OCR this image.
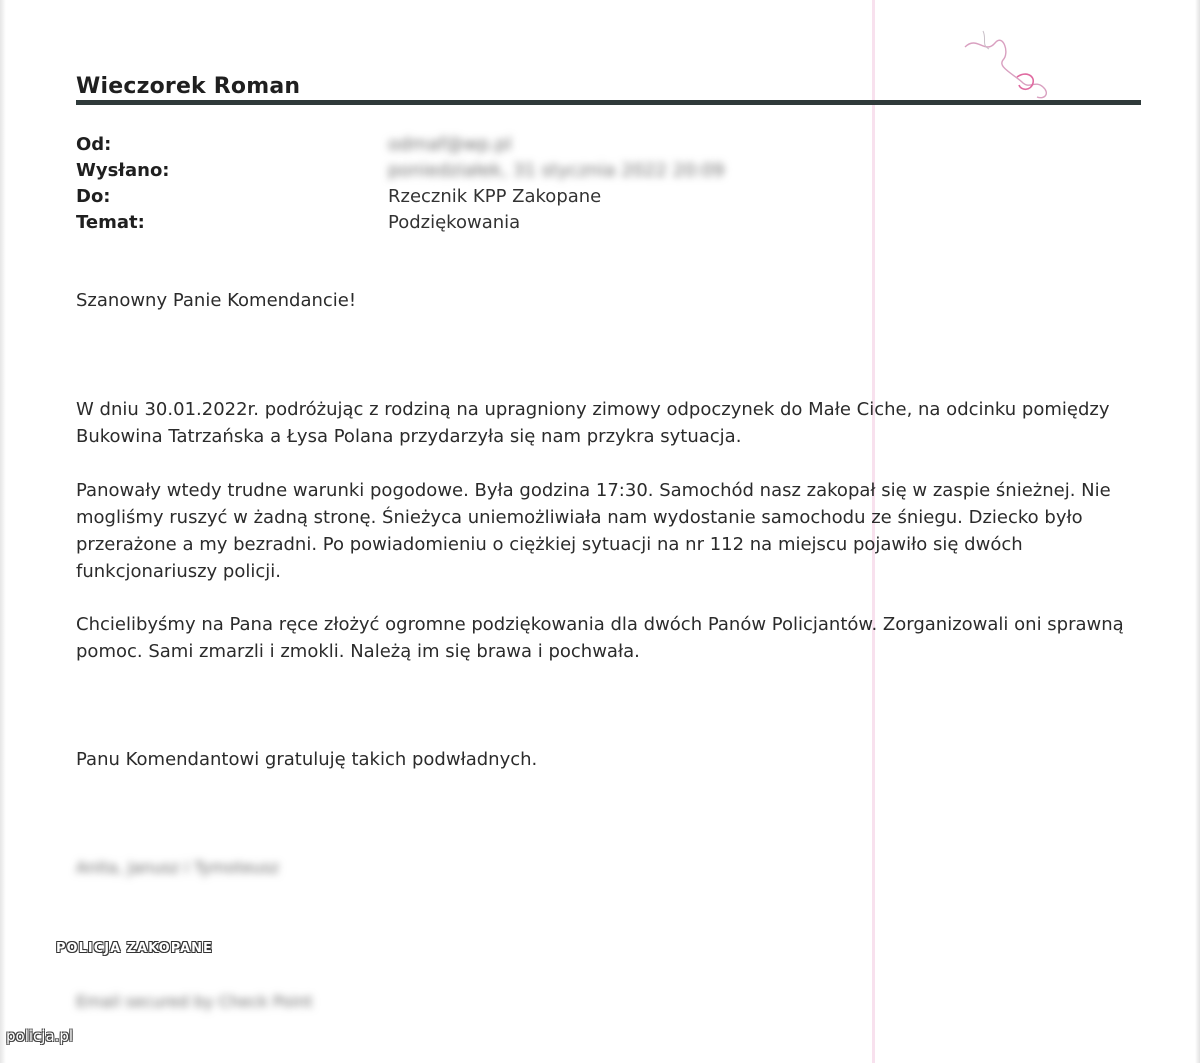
Wieczorek Roman
Od:	odmaf@wp.pl
Wysłano:	poniedziałek, 31 stycznia 2022 20:09
Do:	Rzecznik KPP Zakopane
Temat:	Podziękowania

Szanowny Panie Komendancie!

W dniu 30.01.2022r. podróżując z rodziną na upragniony zimowy odpoczynek do Małe Ciche, na odcinku pomiędzy Bukowina Tatrzańska a Łysa Polana przydarzyła się nam przykra sytuacja.

Panowały wtedy trudne warunki pogodowe. Była godzina 17:30. Samochód nasz zakopał się w zaspie śnieżnej. Nie mogliśmy ruszyć w żadną stronę. Śnieżyca uniemożliwiała nam wydostanie samochodu ze śniegu. Dziecko było przerażone a my bezradni. Po powiadomieniu o ciężkiej sytuacji na nr 112 na miejscu pojawiło się dwóch funkcjonariuszy policji.

Chcielibyśmy na Pana ręce złożyć ogromne podziękowania dla dwóch Panów Policjantów. Zorganizowali oni sprawną pomoc. Sami zmarzli i zmokli. Należą im się brawa i pochwała.

Panu Komendantowi gratuluję takich podwładnych.

Anita, Janusz i Tymoteusz
Email secured by Check Point
POLICJA ZAKOPANE
policja.pl
